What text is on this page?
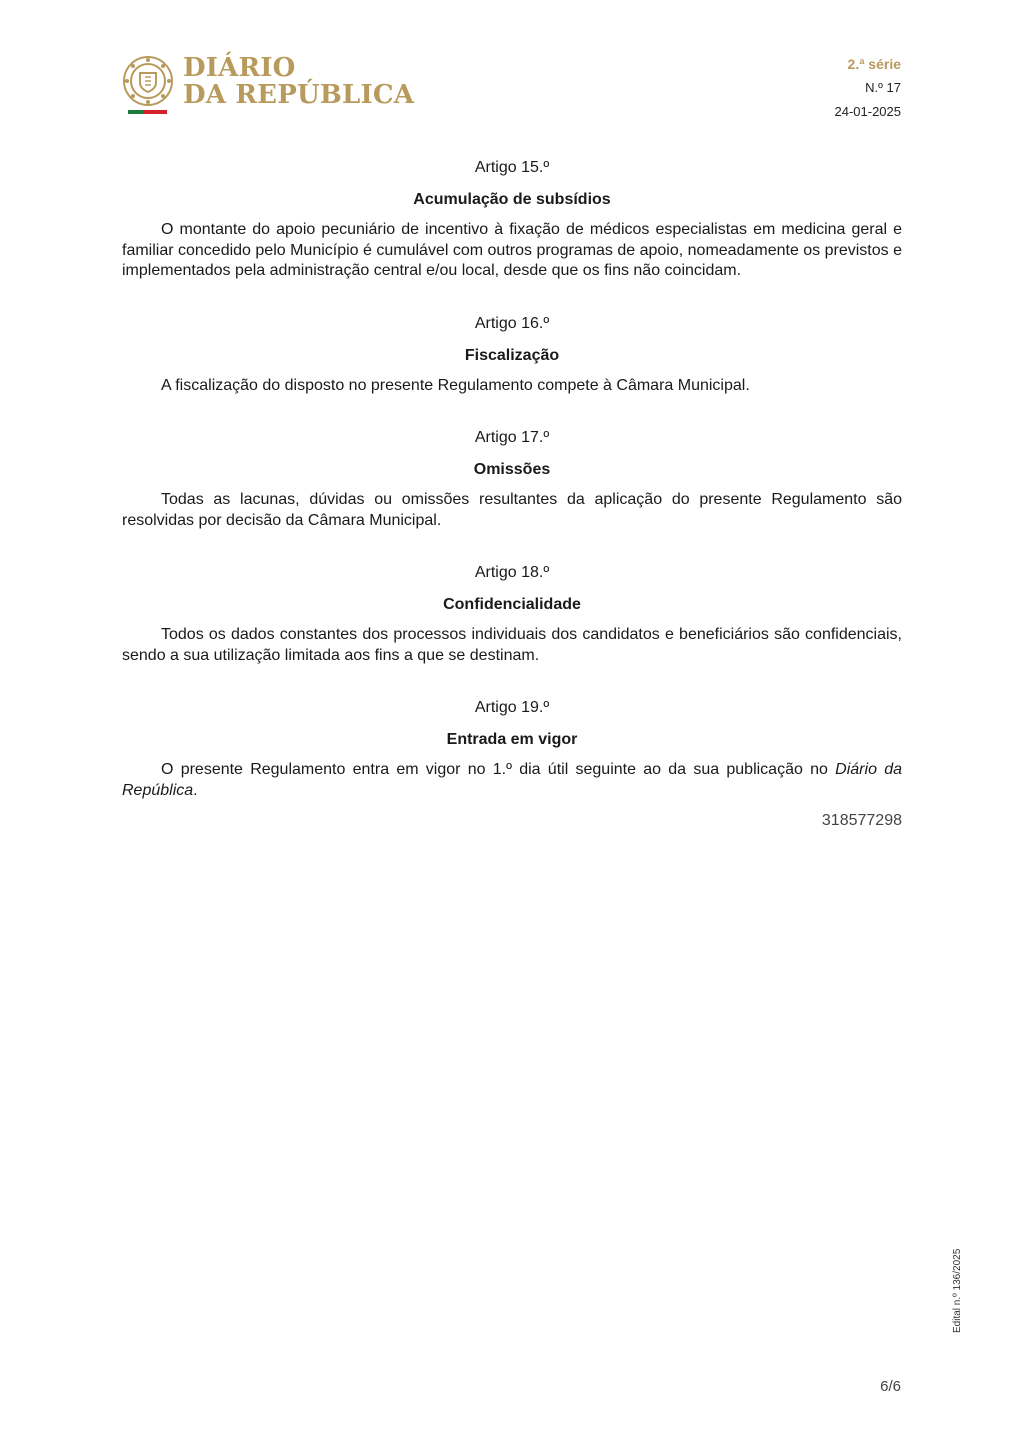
DIÁRIO
DA REPÚBLICA
2.ª série
N.º 17
24-01-2025

Artigo 15.º

Acumulação de subsídios

O montante do apoio pecuniário de incentivo à fixação de médicos especialistas em medicina geral e familiar concedido pelo Município é cumulável com outros programas de apoio, nomeadamente os previstos e implementados pela administração central e/ou local, desde que os fins não coincidam.

Artigo 16.º

Fiscalização

A fiscalização do disposto no presente Regulamento compete à Câmara Municipal.

Artigo 17.º

Omissões

Todas as lacunas, dúvidas ou omissões resultantes da aplicação do presente Regulamento são resolvidas por decisão da Câmara Municipal.

Artigo 18.º

Confidencialidade

Todos os dados constantes dos processos individuais dos candidatos e beneficiários são confidenciais, sendo a sua utilização limitada aos fins a que se destinam.

Artigo 19.º

Entrada em vigor

O presente Regulamento entra em vigor no 1.º dia útil seguinte ao da sua publicação no Diário da República.

318577298
Edital n.º 136/2025
6/6
